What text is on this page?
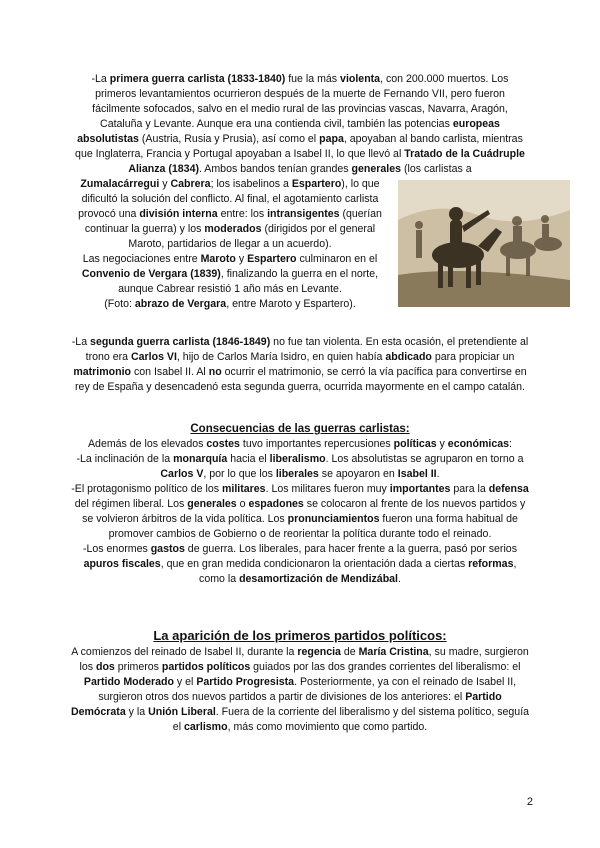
-La primera guerra carlista (1833-1840) fue la más violenta, con 200.000 muertos. Los primeros levantamientos ocurrieron después de la muerte de Fernando VII, pero fueron fácilmente sofocados, salvo en el medio rural de las provincias vascas, Navarra, Aragón, Cataluña y Levante. Aunque era una contienda civil, también las potencias europeas absolutistas (Austria, Rusia y Prusia), así como el papa, apoyaban al bando carlista, mientras que Inglaterra, Francia y Portugal apoyaban a Isabel II, lo que llevó al Tratado de la Cuádruple Alianza (1834). Ambos bandos tenían grandes generales (los carlistas a
Zumalacárregui y Cabrera; los isabelinos a Espartero), lo que dificultó la solución del conflicto. Al final, el agotamiento carlista provocó una división interna entre: los intransigentes (querían continuar la guerra) y los moderados (dirigidos por el general Maroto, partidarios de llegar a un acuerdo).
Las negociaciones entre Maroto y Espartero culminaron en el Convenio de Vergara (1839), finalizando la guerra en el norte, aunque Cabrear resistió 1 año más en Levante.
(Foto: abrazo de Vergara, entre Maroto y Espartero).
-La segunda guerra carlista (1846-1849) no fue tan violenta. En esta ocasión, el pretendiente al trono era Carlos VI, hijo de Carlos María Isidro, en quien había abdicado para propiciar un matrimonio con Isabel II. Al no ocurrir el matrimonio, se cerró la vía pacífica para convertirse en rey de España y desencadenó esta segunda guerra, ocurrida mayormente en el campo catalán.
Consecuencias de las guerras carlistas:
Además de los elevados costes tuvo importantes repercusiones políticas y económicas:
-La inclinación de la monarquía hacia el liberalismo. Los absolutistas se agruparon en torno a Carlos V, por lo que los liberales se apoyaron en Isabel II.
-El protagonismo político de los militares. Los militares fueron muy importantes para la defensa del régimen liberal. Los generales o espadones se colocaron al frente de los nuevos partidos y se volvieron árbitros de la vida política. Los pronunciamientos fueron una forma habitual de promover cambios de Gobierno o de reorientar la política durante todo el reinado.
-Los enormes gastos de guerra. Los liberales, para hacer frente a la guerra, pasó por serios apuros fiscales, que en gran medida condicionaron la orientación dada a ciertas reformas, como la desamortización de Mendizábal.
La aparición de los primeros partidos políticos:
A comienzos del reinado de Isabel II, durante la regencia de María Cristina, su madre, surgieron los dos primeros partidos políticos guiados por las dos grandes corrientes del liberalismo: el Partido Moderado y el Partido Progresista. Posteriormente, ya con el reinado de Isabel II, surgieron otros dos nuevos partidos a partir de divisiones de los anteriores: el Partido Demócrata y la Unión Liberal. Fuera de la corriente del liberalismo y del sistema político, seguía el carlismo, más como movimiento que como partido.
2
